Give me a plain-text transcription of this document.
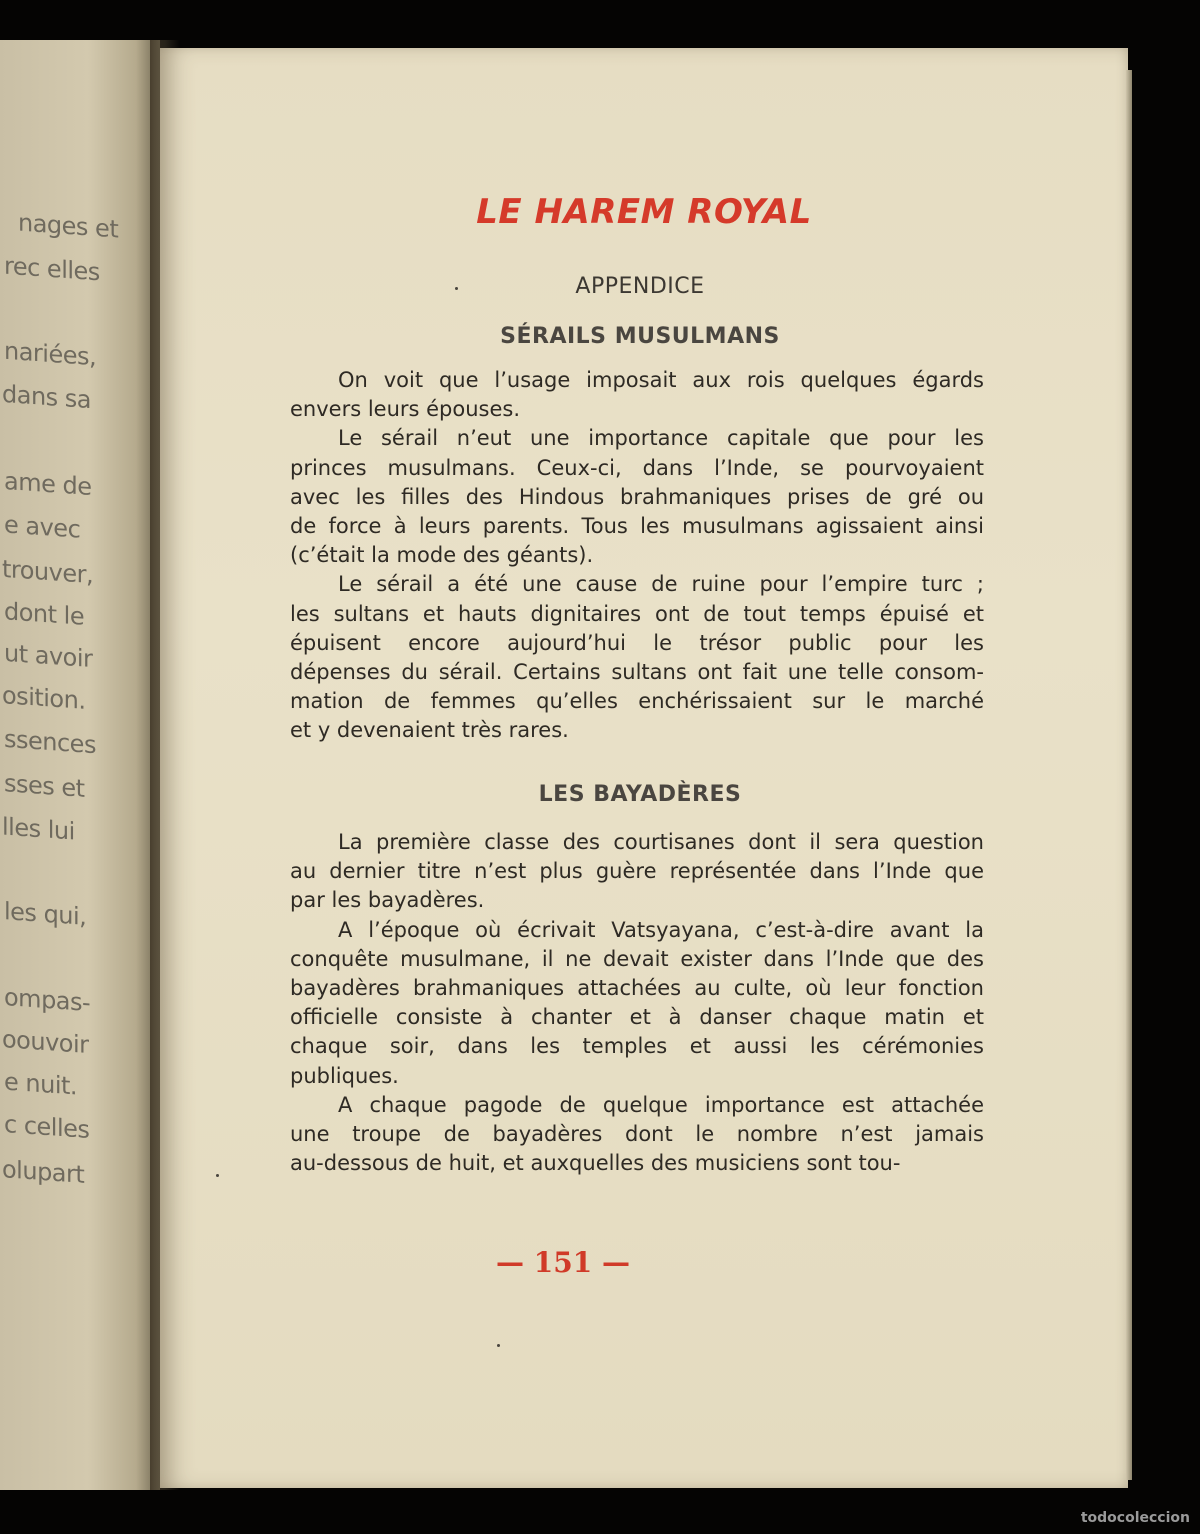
nages et
rec elles
nariées,
dans sa
ame de
e avec
trouver,
dont le
ut avoir
osition.
ssences
sses et
lles lui
les qui,
ompas-
oouvoir
e nuit.
c celles
olupart
LE HAREM ROYAL
APPENDICE
SÉRAILS MUSULMANS
On voit que l’usage imposait aux rois quelques égards
envers leurs épouses.
Le sérail n’eut une importance capitale que pour les
princes musulmans. Ceux-ci, dans l’Inde, se pourvoyaient
avec les filles des Hindous brahmaniques prises de gré ou
de force à leurs parents. Tous les musulmans agissaient ainsi
(c’était la mode des géants).
Le sérail a été une cause de ruine pour l’empire turc ;
les sultans et hauts dignitaires ont de tout temps épuisé et
épuisent encore aujourd’hui le trésor public pour les
dépenses du sérail. Certains sultans ont fait une telle consom-
mation de femmes qu’elles enchérissaient sur le marché
et y devenaient très rares.
LES BAYADÈRES
La première classe des courtisanes dont il sera question
au dernier titre n’est plus guère représentée dans l’Inde que
par les bayadères.
A l’époque où écrivait Vatsyayana, c’est-à-dire avant la
conquête musulmane, il ne devait exister dans l’Inde que des
bayadères brahmaniques attachées au culte, où leur fonction
officielle consiste à chanter et à danser chaque matin et
chaque soir, dans les temples et aussi les cérémonies
publiques.
A chaque pagode de quelque importance est attachée
une troupe de bayadères dont le nombre n’est jamais
au-dessous de huit, et auxquelles des musiciens sont tou-
— 151 —
todocoleccion
